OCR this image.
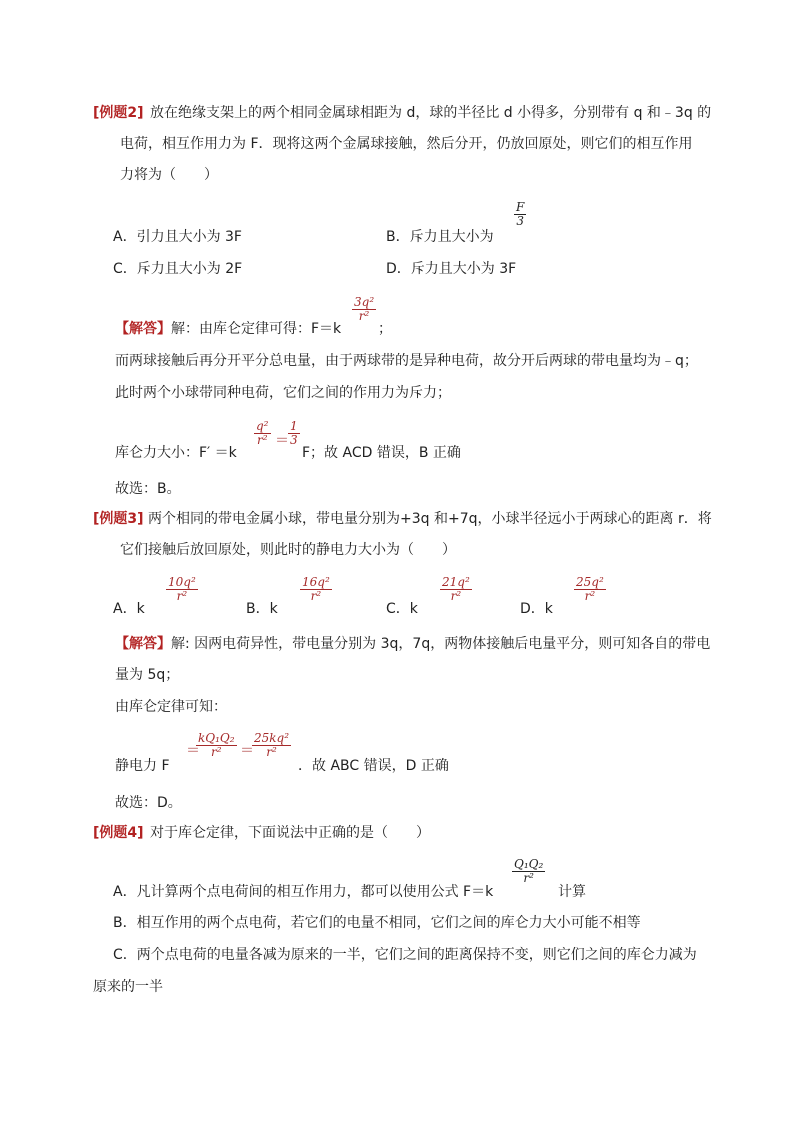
[例题2] 放在绝缘支架上的两个相同金属球相距为 d，球的半径比 d 小得多，分别带有 q 和﹣3q 的
电荷，相互作用力为 F．现将这两个金属球接触，然后分开，仍放回原处，则它们的相互作用
力将为（　　）
A．引力且大小为 3F	B．斥力且大小为
$\frac{F}{3}$
C．斥力且大小为 2F	D．斥力且大小为 3F
【解答】解：由库仑定律可得：F＝k
$\frac{\text{3q²}}{\text{r²}}$
；
而两球接触后再分开平分总电量，由于两球带的是异种电荷，故分开后两球的带电量均为﹣q；
此时两个小球带同种电荷，它们之间的作用力为斥力；
库仑力大小：F′ ＝k
$\frac{\text{q²}}{\text{r²}} = \frac{1}{3}$
F；故 ACD 错误，B 正确
故选：B。
[例题3] 两个相同的带电金属小球，带电量分别为+3q 和+7q，小球半径远小于两球心的距离 r．将
它们接触后放回原处，则此时的静电力大小为（　　）
A．k
$\frac{\text{10q²}}{\text{r²}}$
B．k
$\frac{\text{16q²}}{\text{r²}}$
C．k
$\frac{\text{21q²}}{\text{r²}}$
D．k
$\frac{\text{25q²}}{\text{r²}}$
【解答】解: 因两电荷异性，带电量分别为 3q，7q，两物体接触后电量平分，则可知各自的带电
量为 5q；
由库仑定律可知：
静电力 F
＝
$\frac{\text{kQ₁Q₂}}{\text{r²}}$ ＝
$\frac{\text{25kq²}}{\text{r²}}$
．故 ABC 错误，D 正确
故选：D。
[例题4] 对于库仑定律，下面说法中正确的是（　　）
A．凡计算两个点电荷间的相互作用力，都可以使用公式 F＝k
$\frac{\text{Q₁Q₂}}{\text{r²}}$
计算
B．相互作用的两个点电荷，若它们的电量不相同，它们之间的库仑力大小可能不相等
C．两个点电荷的电量各减为原来的一半，它们之间的距离保持不变，则它们之间的库仑力减为
原来的一半
